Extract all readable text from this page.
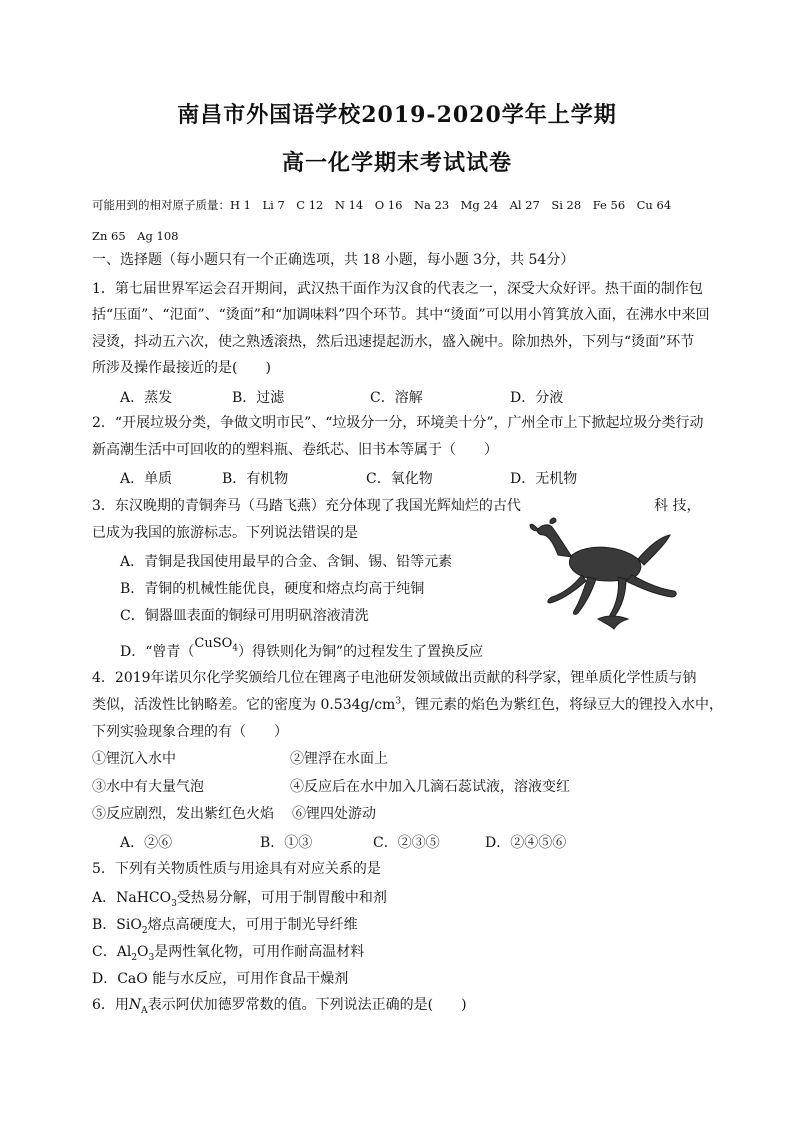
南昌市外国语学校2019-2020学年上学期
高一化学期末考试试卷
可能用到的相对原子质量：H 1　Li 7　C 12　N 14　O 16　Na 23　Mg 24　Al 27　Si 28　Fe 56　Cu 64
Zn 65　Ag 108
一、选择题（每小题只有一个正确选项，共 18 小题，每小题 3分，共 54分）
1．第七届世界军运会召开期间，武汉热干面作为汉食的代表之一，深受大众好评。热干面的制作包
括“压面”、“氾面”、“烫面”和“加调味料”四个环节。其中“烫面”可以用小筲箕放入面，在沸水中来回
浸烫，抖动五六次，使之熟透滚热，然后迅速提起沥水，盛入碗中。除加热外，下列与“烫面”环节
所涉及操作最接近的是(　　)
A．蒸发	B．过滤	C．溶解	D．分液
2．“开展垃圾分类，争做文明市民”、“垃圾分一分，环境美十分”，广州全市上下掀起垃圾分类行动
新高潮生活中可回收的的塑料瓶、卷纸芯、旧书本等属于（　　）
A．单质	B．有机物	C．氧化物	D．无机物
3．东汉晚期的青铜奔马（马踏飞燕）充分体现了我国光辉灿烂的古代	科 技，
已成为我国的旅游标志。下列说法错误的是
A．青铜是我国使用最早的合金、含铜、锡、铅等元素
B．青铜的机械性能优良，硬度和熔点均高于纯铜
C．铜器皿表面的铜绿可用明矾溶液清洗
D．“曾青（CuSO$_4$）得铁则化为铜”的过程发生了置换反应
4．2019年诺贝尔化学奖颁给几位在锂离子电池研发领域做出贡献的科学家，锂单质化学性质与钠
类似，活泼性比钠略差。它的密度为 $0.534g/cm^3$，锂元素的焰色为紫红色，将绿豆大的锂投入水中，
下列实验现象合理的有（　　）
①锂沉入水中	②锂浮在水面上
③水中有大量气泡	④反应后在水中加入几滴石蕊试液，溶液变红
⑤反应剧烈，发出紫红色火焰 ⑥锂四处游动
A．②⑥	B．①③	C．②③⑤	D．②④⑤⑥
5．下列有关物质性质与用途具有对应关系的是
A．NaHCO$_3$受热易分解，可用于制胃酸中和剂
B．SiO$_2$熔点高硬度大，可用于制光导纤维
C．$Al_2O_3$是两性氧化物，可用作耐高温材料
D．CaO 能与水反应，可用作食品干燥剂
6．用$N_A$表示阿伏加德罗常数的值。下列说法正确的是(　　)
